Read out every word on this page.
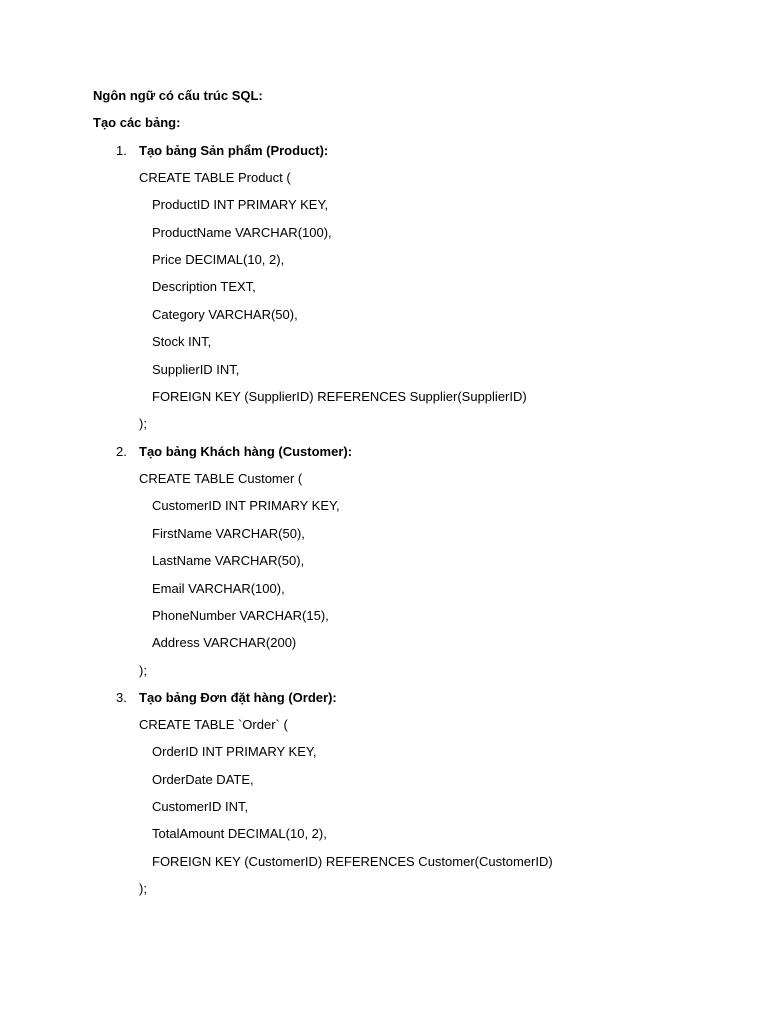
Ngôn ngữ có cấu trúc SQL:
Tạo các bảng:
1. Tạo bảng Sản phẩm (Product):
CREATE TABLE Product (
ProductID INT PRIMARY KEY,
ProductName VARCHAR(100),
Price DECIMAL(10, 2),
Description TEXT,
Category VARCHAR(50),
Stock INT,
SupplierID INT,
FOREIGN KEY (SupplierID) REFERENCES Supplier(SupplierID)
);
2. Tạo bảng Khách hàng (Customer):
CREATE TABLE Customer (
CustomerID INT PRIMARY KEY,
FirstName VARCHAR(50),
LastName VARCHAR(50),
Email VARCHAR(100),
PhoneNumber VARCHAR(15),
Address VARCHAR(200)
);
3. Tạo bảng Đơn đặt hàng (Order):
CREATE TABLE `Order` (
OrderID INT PRIMARY KEY,
OrderDate DATE,
CustomerID INT,
TotalAmount DECIMAL(10, 2),
FOREIGN KEY (CustomerID) REFERENCES Customer(CustomerID)
);
